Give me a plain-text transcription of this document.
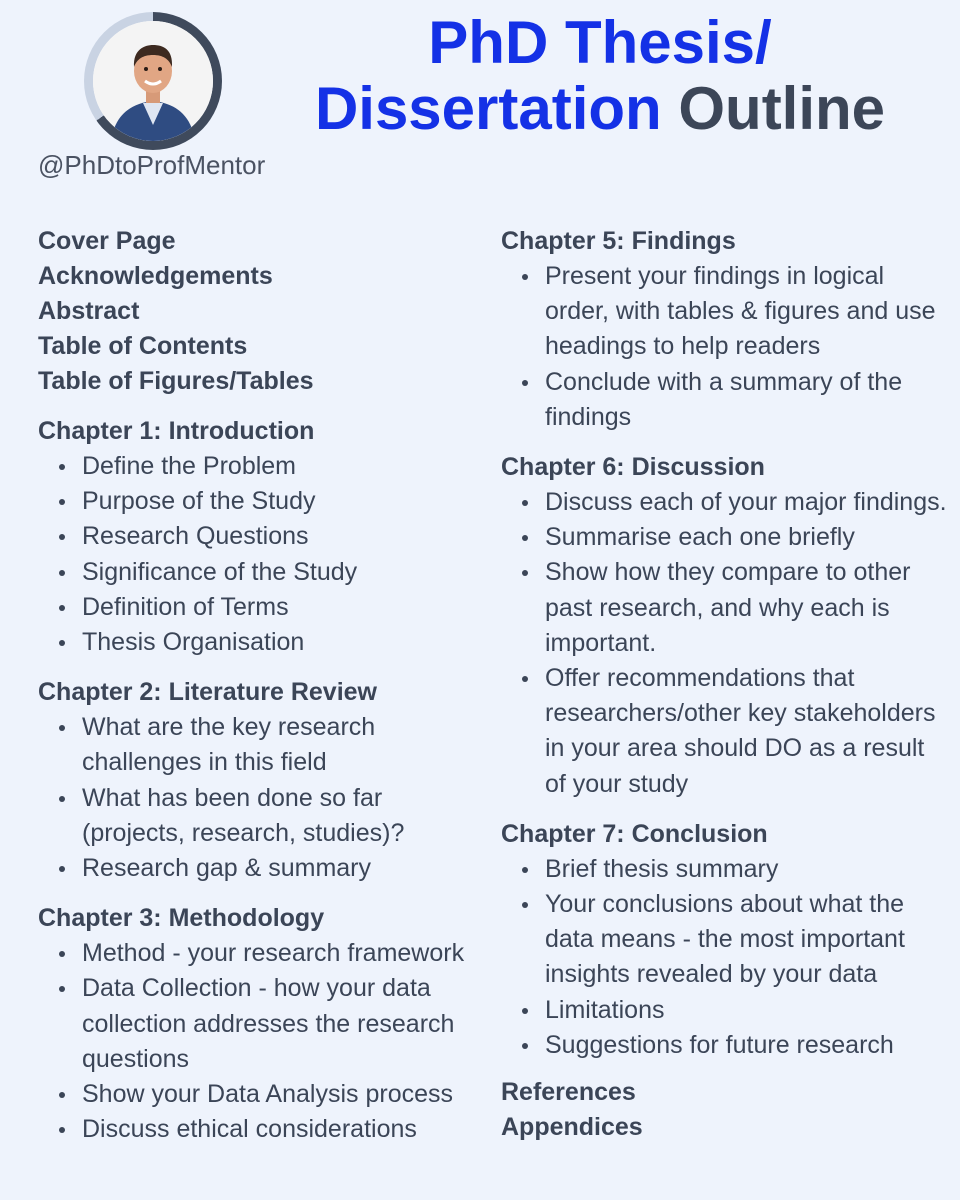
@PhDtoProfMentor
PhD Thesis/
Dissertation Outline

Cover Page

Acknowledgements

Abstract

Table of Contents

Table of Figures/Tables

Chapter 1: Introduction

Define the Problem
Purpose of the Study
Research Questions
Significance of the Study
Definition of Terms
Thesis Organisation

Chapter 2: Literature Review

What are the key research challenges in this field
What has been done so far (projects, research, studies)?
Research gap & summary

Chapter 3: Methodology

Method - your research framework
Data Collection - how your data collection addresses the research questions
Show your Data Analysis process
Discuss ethical considerations

Chapter 5: Findings

Present your findings in logical order, with tables & figures and use headings to help readers
Conclude with a summary of the findings

Chapter 6: Discussion

Discuss each of your major findings.
Summarise each one briefly
Show how they compare to other past research, and why each is important.
Offer recommendations that researchers/other key stakeholders in your area should DO as a result of your study

Chapter 7: Conclusion

Brief thesis summary
Your conclusions about what the data means - the most important insights revealed by your data
Limitations
Suggestions for future research

References

Appendices
